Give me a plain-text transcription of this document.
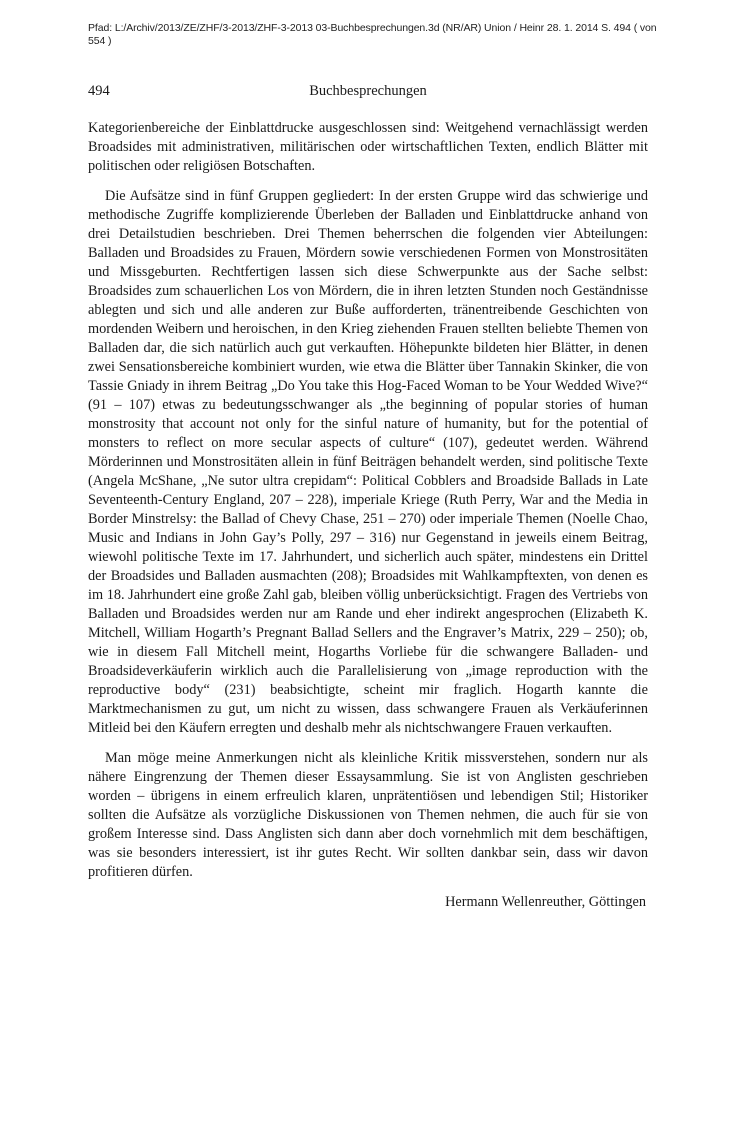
Pfad: L:/Archiv/2013/ZE/ZHF/3-2013/ZHF-3-2013 03-Buchbesprechungen.3d (NR/AR) Union / Heinr 28. 1. 2014 S. 494 ( von 554 )
494	Buchbesprechungen

Kategorienbereiche der Einblattdrucke ausgeschlossen sind: Weitgehend vernachlässigt werden Broadsides mit administrativen, militärischen oder wirtschaftlichen Texten, endlich Blätter mit politischen oder religiösen Botschaften.

Die Aufsätze sind in fünf Gruppen gegliedert: In der ersten Gruppe wird das schwierige und methodische Zugriffe komplizierende Überleben der Balladen und Einblattdrucke anhand von drei Detailstudien beschrieben. Drei Themen beherrschen die folgenden vier Abteilungen: Balladen und Broadsides zu Frauen, Mördern sowie verschiedenen Formen von Monstrositäten und Missgeburten. Rechtfertigen lassen sich diese Schwerpunkte aus der Sache selbst: Broadsides zum schauerlichen Los von Mördern, die in ihren letzten Stunden noch Geständnisse ablegten und sich und alle anderen zur Buße aufforderten, tränentreibende Geschichten von mordenden Weibern und heroischen, in den Krieg ziehenden Frauen stellten beliebte Themen von Balladen dar, die sich natürlich auch gut verkauften. Höhepunkte bildeten hier Blätter, in denen zwei Sensationsbereiche kombiniert wurden, wie etwa die Blätter über Tannakin Skinker, die von Tassie Gniady in ihrem Beitrag „Do You take this Hog-Faced Woman to be Your Wedded Wive?“ (91 – 107) etwas zu bedeutungsschwanger als „the beginning of popular stories of human monstrosity that account not only for the sinful nature of humanity, but for the potential of monsters to reflect on more secular aspects of culture“ (107), gedeutet werden. Während Mörderinnen und Monstrositäten allein in fünf Beiträgen behandelt werden, sind politische Texte (Angela McShane, „Ne sutor ultra crepidam“: Political Cobblers and Broadside Ballads in Late Seventeenth-Century England, 207 – 228), imperiale Kriege (Ruth Perry, War and the Media in Border Minstrelsy: the Ballad of Chevy Chase, 251 – 270) oder imperiale Themen (Noelle Chao, Music and Indians in John Gay’s Polly, 297 – 316) nur Gegenstand in jeweils einem Beitrag, wiewohl politische Texte im 17. Jahrhundert, und sicherlich auch später, mindestens ein Drittel der Broadsides und Balladen ausmachten (208); Broadsides mit Wahlkampftexten, von denen es im 18. Jahrhundert eine große Zahl gab, bleiben völlig unberücksichtigt. Fragen des Vertriebs von Balladen und Broadsides werden nur am Rande und eher indirekt angesprochen (Elizabeth K. Mitchell, William Hogarth’s Pregnant Ballad Sellers and the Engraver’s Matrix, 229 – 250); ob, wie in diesem Fall Mitchell meint, Hogarths Vorliebe für die schwangere Balladen- und Broadsideverkäuferin wirklich auch die Parallelisierung von „image reproduction with the reproductive body“ (231) beabsichtigte, scheint mir fraglich. Hogarth kannte die Marktmechanismen zu gut, um nicht zu wissen, dass schwangere Frauen als Verkäuferinnen Mitleid bei den Käufern erregten und deshalb mehr als nichtschwangere Frauen verkauften.

Man möge meine Anmerkungen nicht als kleinliche Kritik missverstehen, sondern nur als nähere Eingrenzung der Themen dieser Essaysammlung. Sie ist von Anglisten geschrieben worden – übrigens in einem erfreulich klaren, unprätentiösen und lebendigen Stil; Historiker sollten die Aufsätze als vorzügliche Diskussionen von Themen nehmen, die auch für sie von großem Interesse sind. Dass Anglisten sich dann aber doch vornehmlich mit dem beschäftigen, was sie besonders interessiert, ist ihr gutes Recht. Wir sollten dankbar sein, dass wir davon profitieren dürfen.

Hermann Wellenreuther, Göttingen
